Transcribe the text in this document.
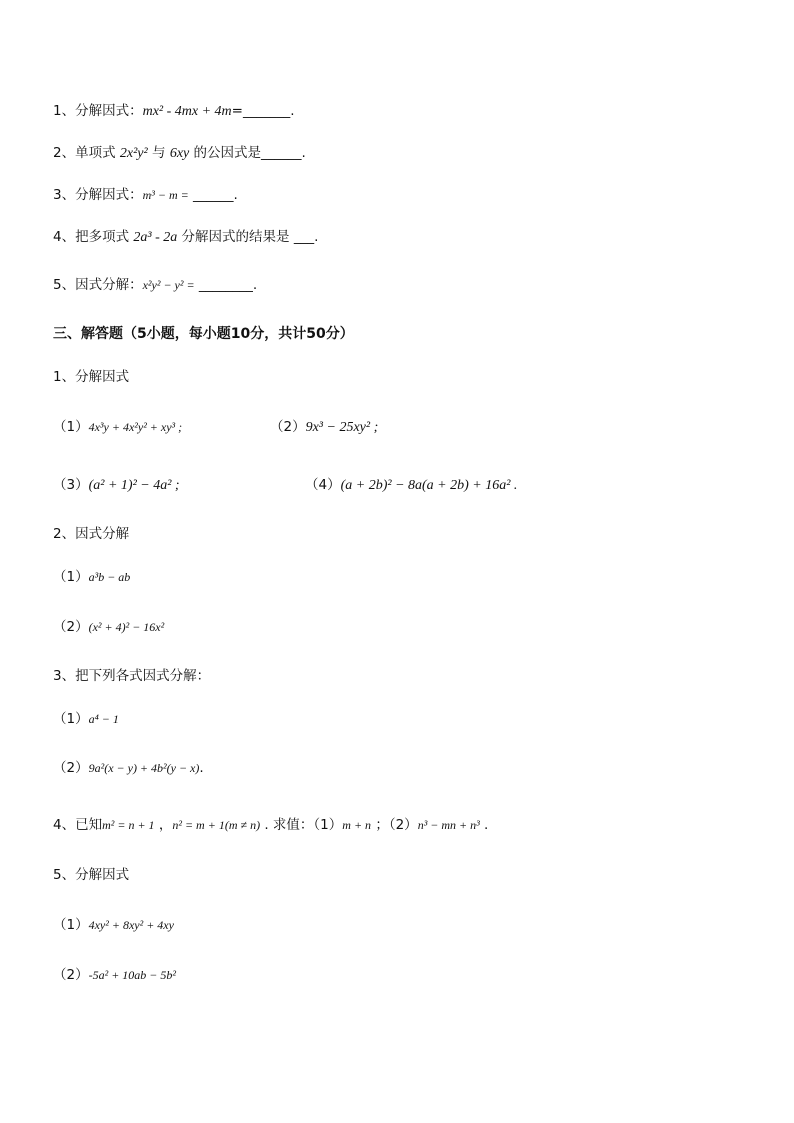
1、分解因式：mx² - 4mx + 4m=_______.
2、单项式 2x²y² 与 6xy 的公因式是______.
3、分解因式：m³ − m = ______.
4、把多项式 2a³ - 2a 分解因式的结果是 ___.
5、因式分解：x²y² − y² = ________.
三、解答题（5小题，每小题10分，共计50分）
1、分解因式
（1）4x³y + 4x²y² + xy³ ;	（2）9x³ − 25xy² ;
（3）(a² + 1)² − 4a² ;	（4）(a + 2b)² − 8a(a + 2b) + 16a² .
2、因式分解
（1）a³b − ab
（2）(x² + 4)² − 16x²
3、把下列各式因式分解：
（1）a⁴ − 1
（2）9a²(x − y) + 4b²(y − x).
4、已知m² = n + 1 ，n² = m + 1(m ≠ n) . 求值：（1）m + n ；（2）n³ − mn + n³ .
5、分解因式
（1）4xy² + 8xy² + 4xy
（2）-5a² + 10ab − 5b²
